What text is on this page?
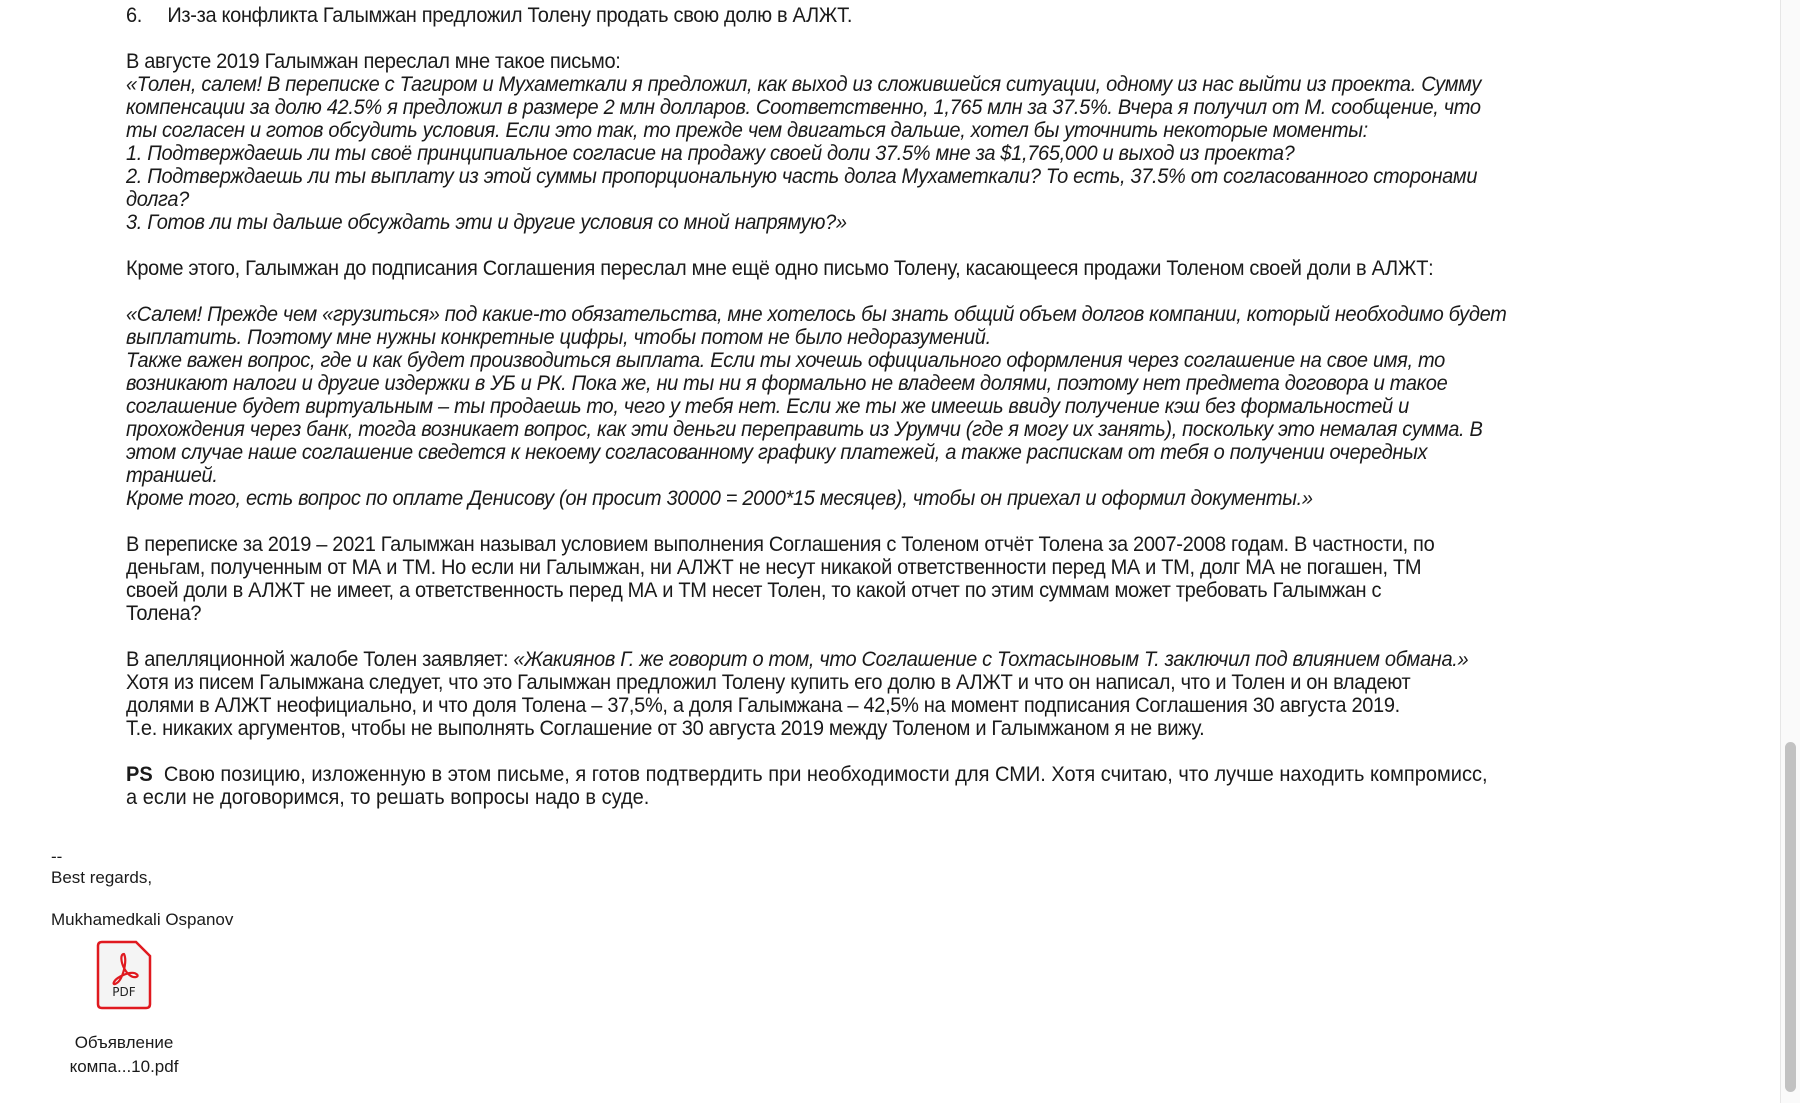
6. Из-за конфликта Галымжан предложил Толену продать свою долю в АЛЖТ.

В августе 2019 Галымжан переслал мне такое письмо:

«Толен, салем! В переписке с Тагиром и Мухаметкали я предложил, как выход из сложившейся ситуации, одному из нас выйти из проекта. Сумму

компенсации за долю 42.5% я предложил в размере 2 млн долларов. Соответственно, 1,765 млн за 37.5%. Вчера я получил от М. сообщение, что

ты согласен и готов обсудить условия. Если это так, то прежде чем двигаться дальше, хотел бы уточнить некоторые моменты:

1. Подтверждаешь ли ты своё принципиальное согласие на продажу своей доли 37.5% мне за $1,765,000 и выход из проекта?

2. Подтверждаешь ли ты выплату из этой суммы пропорциональную часть долга Мухаметкали? То есть, 37.5% от согласованного сторонами

долга?

3. Готов ли ты дальше обсуждать эти и другие условия со мной напрямую?»

Кроме этого, Галымжан до подписания Соглашения переслал мне ещё одно письмо Толену, касающееся продажи Толеном своей доли в АЛЖТ:

«Салем! Прежде чем «грузиться» под какие-то обязательства, мне хотелось бы знать общий объем долгов компании, который необходимо будет

выплатить. Поэтому мне нужны конкретные цифры, чтобы потом не было недоразумений.

Также важен вопрос, где и как будет производиться выплата. Если ты хочешь официального оформления через соглашение на свое имя, то

возникают налоги и другие издержки в УБ и РК. Пока же, ни ты ни я формально не владеем долями, поэтому нет предмета договора и такое

соглашение будет виртуальным – ты продаешь то, чего у тебя нет. Если же ты же имеешь ввиду получение кэш без формальностей и

прохождения через банк, тогда возникает вопрос, как эти деньги переправить из Урумчи (где я могу их занять), поскольку это немалая сумма. В

этом случае наше соглашение сведется к некоему согласованному графику платежей, а также распискам от тебя о получении очередных

траншей.

Кроме того, есть вопрос по оплате Денисову (он просит 30000 = 2000*15 месяцев), чтобы он приехал и оформил документы.»

В переписке за 2019 – 2021 Галымжан называл условием выполнения Соглашения с Толеном отчёт Толена за 2007-2008 годам. В частности, по

деньгам, полученным от МА и ТМ. Но если ни Галымжан, ни АЛЖТ не несут никакой ответственности перед МА и ТМ, долг МА не погашен, ТМ

своей доли в АЛЖТ не имеет, а ответственность перед МА и ТМ несет Толен, то какой отчет по этим суммам может требовать Галымжан с

Толена?

В апелляционной жалобе Толен заявляет: «Жакиянов Г. же говорит о том, что Соглашение с Тохтасыновым Т. заключил под влиянием обмана.»

Хотя из писем Галымжана следует, что это Галымжан предложил Толену купить его долю в АЛЖТ и что он написал, что и Толен и он владеют

долями в АЛЖТ неофициально, и что доля Толена – 37,5%, а доля Галымжана – 42,5% на момент подписания Соглашения 30 августа 2019.

Т.е. никаких аргументов, чтобы не выполнять Соглашение от 30 августа 2019 между Толеном и Галымжаном я не вижу.

PS Свою позицию, изложенную в этом письме, я готов подтвердить при необходимости для СМИ. Хотя считаю, что лучше находить компромисс,

а если не договоримся, то решать вопросы надо в суде.

--

Best regards,

Mukhamedkali Ospanov

PDF
Объявление
компа...10.pdf
